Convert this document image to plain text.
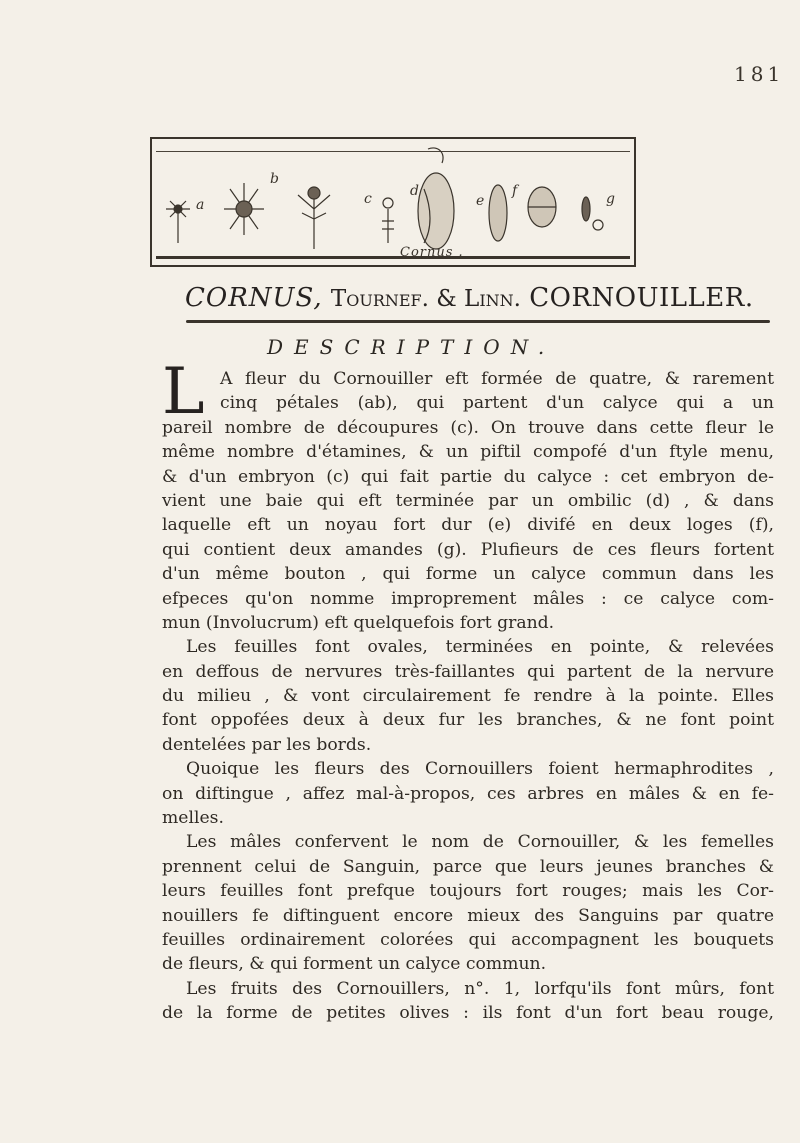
181
a
b
c	d
e
f	g
Cornus .
CORNUS, Tournef. & Linn. CORNOUILLER.
DESCRIPTION.
L A fleur du Cornouiller eft formée de quatre, & rarement
cinq pétales (ab), qui partent d'un calyce qui a un
pareil nombre de découpures (c). On trouve dans cette fleur le
même nombre d'étamines, & un piftil compofé d'un ftyle menu,
& d'un embryon (c) qui fait partie du calyce : cet embryon de-
vient une baie qui eft terminée par un ombilic (d) , & dans
laquelle eft un noyau fort dur (e) divifé en deux loges (f),
qui contient deux amandes (g). Plufieurs de ces fleurs fortent
d'un même bouton , qui forme un calyce commun dans les
efpeces qu'on nomme improprement mâles : ce calyce com-
mun (Involucrum) eft quelquefois fort grand.
Les feuilles font ovales, terminées en pointe, & relevées
en deffous de nervures très-faillantes qui partent de la nervure
du milieu , & vont circulairement fe rendre à la pointe. Elles
font oppofées deux à deux fur les branches, & ne font point
dentelées par les bords.
Quoique les fleurs des Cornouillers foient hermaphrodites ,
on diftingue , affez mal-à-propos, ces arbres en mâles & en fe-
melles.
Les mâles confervent le nom de Cornouiller, & les femelles
prennent celui de Sanguin, parce que leurs jeunes branches &
leurs feuilles font prefque toujours fort rouges; mais les Cor-
nouillers fe diftinguent encore mieux des Sanguins par quatre
feuilles ordinairement colorées qui accompagnent les bouquets
de fleurs, & qui forment un calyce commun.
Les fruits des Cornouillers, n°. 1, lorfqu'ils font mûrs, font
de la forme de petites olives : ils font d'un fort beau rouge,
